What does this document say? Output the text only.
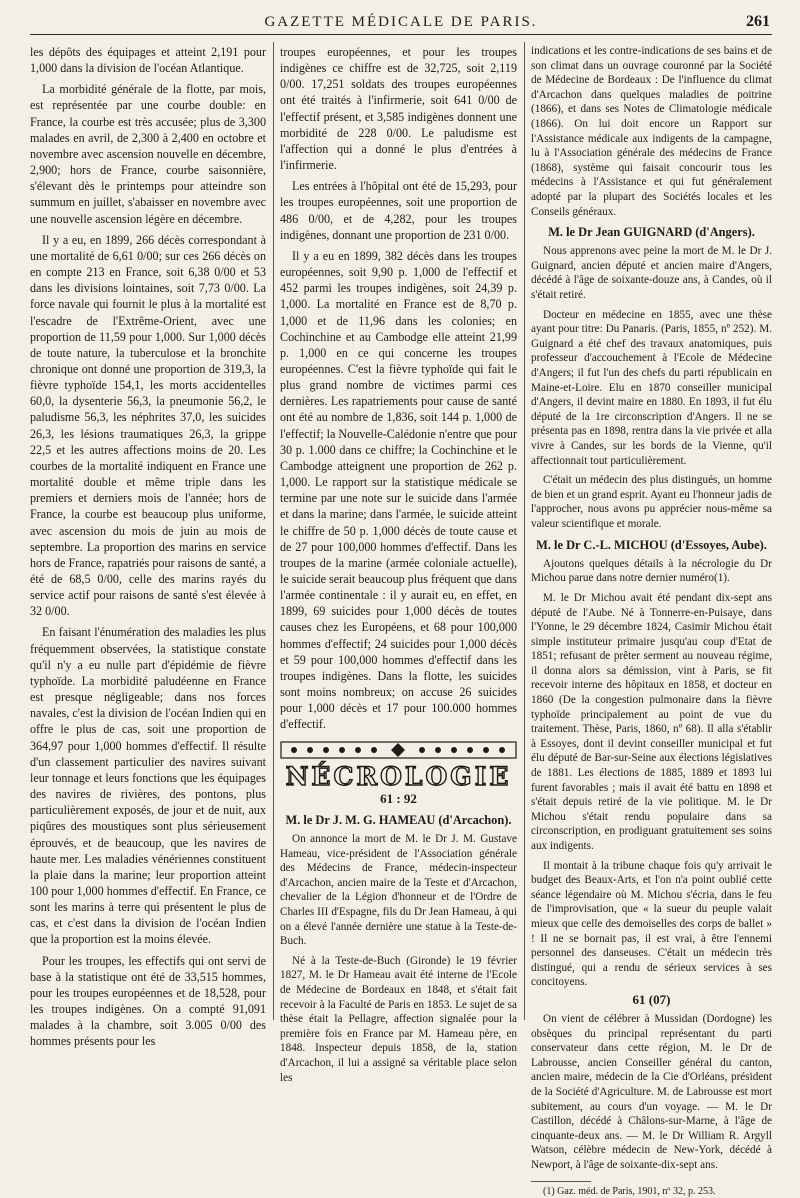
GAZETTE MÉDICALE DE PARIS.	261

les dépôts des équipages et atteint 2,191 pour 1,000 dans la division de l'océan Atlantique.

La morbidité générale de la flotte, par mois, est représentée par une courbe double: en France, la courbe est très accusée; plus de 3,300 malades en avril, de 2,300 à 2,400 en octobre et novembre avec ascension nouvelle en décembre, 2,900; hors de France, courbe saisonnière, s'élevant dès le printemps pour atteindre son summum en juillet, s'abaisser en novembre avec une nouvelle ascension légère en décembre.

Il y a eu, en 1899, 266 décès correspondant à une mortalité de 6,61 0/00; sur ces 266 décès on en compte 213 en France, soit 6,38 0/00 et 53 dans les divisions lointaines, soit 7,73 0/00. La force navale qui fournit le plus à la mortalité est l'escadre de l'Extrême-Orient, avec une proportion de 11,59 pour 1,000. Sur 1,000 décès de toute nature, la tuberculose et la bronchite chronique ont donné une proportion de 319,3, la fièvre typhoïde 154,1, les morts accidentelles 60,0, la dysenterie 56,3, la pneumonie 56,2, le paludisme 56,3, les néphrites 37,0, les suicides 26,3, les lésions traumatiques 26,3, la grippe 22,5 et les autres affections moins de 20. Les courbes de la mortalité indiquent en France une mortalité double et même triple dans les premiers et derniers mois de l'année; hors de France, la courbe est beaucoup plus uniforme, avec ascension du mois de juin au mois de septembre. La proportion des marins en service hors de France, rapatriés pour raisons de santé, a été de 68,5 0/00, celle des marins rayés du service actif pour raisons de santé s'est élevée à 32 0/00.

En faisant l'énumération des maladies les plus fréquemment observées, la statistique constate qu'il n'y a eu nulle part d'épidémie de fièvre typhoïde. La morbidité paludéenne en France est presque négligeable; dans nos forces navales, c'est la division de l'océan Indien qui en offre le plus de cas, soit une proportion de 364,97 pour 1,000 hommes d'effectif. Il résulte d'un classement particulier des navires suivant leur tonnage et leurs fonctions que les équipages des navires de rivières, des pontons, plus particulièrement exposés, de jour et de nuit, aux piqûres des moustiques sont plus sérieusement éprouvés, et de beaucoup, que les navires de haute mer. Les maladies vénériennes constituent la plaie dans la marine; leur proportion atteint 100 pour 1,000 hommes d'effectif. En France, ce sont les marins à terre qui présentent le plus de cas, et c'est dans la division de l'océan Indien que la proportion est la moins élevée.

Pour les troupes, les effectifs qui ont servi de base à la statistique ont été de 33,515 hommes, pour les troupes européennes et de 18,528, pour les troupes indigènes. On a compté 91,091 malades à la chambre, soit 3.005 0/00 des hommes présents pour les

troupes européennes, et pour les troupes indigènes ce chiffre est de 32,725, soit 2,119 0/00. 17,251 soldats des troupes européennes ont été traités à l'infirmerie, soit 641 0/00 de l'effectif présent, et 3,585 indigènes donnent une morbidité de 228 0/00. Le paludisme est l'affection qui a donné le plus d'entrées à l'infirmerie.

Les entrées à l'hôpital ont été de 15,293, pour les troupes européennes, soit une proportion de 486 0/00, et de 4,282, pour les troupes indigènes, donnant une proportion de 231 0/00.

Il y a eu en 1899, 382 décès dans les troupes européennes, soit 9,90 p. 1,000 de l'effectif et 452 parmi les troupes indigènes, soit 24,39 p. 1,000. La mortalité en France est de 8,70 p. 1,000 et de 11,96 dans les colonies; en Cochinchine et au Cambodge elle atteint 21,99 p. 1,000 en ce qui concerne les troupes européennes. C'est la fièvre typhoïde qui fait le plus grand nombre de victimes parmi ces dernières. Les rapatriements pour cause de santé ont été au nombre de 1,836, soit 144 p. 1,000 de l'effectif; la Nouvelle-Calédonie n'entre que pour 30 p. 1.000 dans ce chiffre; la Cochinchine et le Cambodge atteignent une proportion de 262 p. 1,000. Le rapport sur la statistique médicale se termine par une note sur le suicide dans l'armée et dans la marine; dans l'armée, le suicide atteint le chiffre de 50 p. 1,000 décès de toute cause et de 27 pour 100,000 hommes d'effectif. Dans les troupes de la marine (armée coloniale actuelle), le suicide serait beaucoup plus fréquent que dans l'armée continentale : il y aurait eu, en effet, en 1899, 69 suicides pour 1,000 décès de toutes causes chez les Européens, et 68 pour 100,000 hommes d'effectif; 24 suicides pour 1,000 décès et 59 pour 100,000 hommes d'effectif dans les troupes indigènes. Dans la flotte, les suicides sont moins nombreux; on accuse 26 suicides pour 1,000 décès et 17 pour 100.000 hommes d'effectif.

NÉCROLOGIE
61 : 92
M. le Dr J. M. G. HAMEAU (d'Arcachon).

On annonce la mort de M. le Dr J. M. Gustave Hameau, vice-président de l'Association générale des Médecins de France, médecin-inspecteur d'Arcachon, ancien maire de la Teste et d'Arcachon, chevalier de la Légion d'honneur et de l'Ordre de Charles III d'Espagne, fils du Dr Jean Hameau, à qui on a élevé l'année dernière une statue à la Teste-de-Buch.

Né à la Teste-de-Buch (Gironde) le 19 février 1827, M. le Dr Hameau avait été interne de l'Ecole de Médecine de Bordeaux en 1848, et s'était fait recevoir à la Faculté de Paris en 1853. Le sujet de sa thèse était la Pellagre, affection signalée pour la première fois en France par M. Hameau père, en 1848. Inspecteur depuis 1858, de la, station d'Arcachon, il lui a assigné sa véritable place selon les

indications et les contre-indications de ses bains et de son climat dans un ouvrage couronné par la Société de Médecine de Bordeaux : De l'influence du climat d'Arcachon dans quelques maladies de poitrine (1866), et dans ses Notes de Climatologie médicale (1866). On lui doit encore un Rapport sur l'Assistance médicale aux indigents de la campagne, lu à l'Association générale des médecins de France (1868), système qui faisait concourir tous les médecins à l'Assistance et qui fut généralement adopté par la plupart des Sociétés locales et les Conseils généraux.

M. le Dr Jean GUIGNARD (d'Angers).

Nous apprenons avec peine la mort de M. le Dr J. Guignard, ancien député et ancien maire d'Angers, décédé à l'âge de soixante-douze ans, à Candes, où il s'était retiré.

Docteur en médecine en 1855, avec une thèse ayant pour titre: Du Panaris. (Paris, 1855, nº 252). M. Guignard a été chef des travaux anatomiques, puis professeur d'accouchement à l'Ecole de Médecine d'Angers; il fut l'un des chefs du parti républicain en Maine-et-Loire. Elu en 1870 conseiller municipal d'Angers, il devint maire en 1880. En 1893, il fut élu député de la 1re circonscription d'Angers. Il ne se présenta pas en 1898, rentra dans la vie privée et alla vivre à Candes, sur les bords de la Vienne, qu'il affectionnait tout particulièrement.

C'était un médecin des plus distingués, un homme de bien et un grand esprit. Ayant eu l'honneur jadis de l'approcher, nous avons pu apprécier nous-même sa valeur scientifique et morale.

M. le Dr C.-L. MICHOU (d'Essoyes, Aube).

Ajoutons quelques détails à la nécrologie du Dr Michou parue dans notre dernier numéro(1).

M. le Dr Michou avait été pendant dix-sept ans député de l'Aube. Né à Tonnerre-en-Puisaye, dans l'Yonne, le 29 décembre 1824, Casimir Michou était simple instituteur primaire jusqu'au coup d'Etat de 1851; refusant de prêter serment au nouveau régime, il donna alors sa démission, vint à Paris, se fit recevoir interne des hôpitaux en 1858, et docteur en 1860 (De la congestion pulmonaire dans la fièvre typhoïde principalement au point de vue du traitement. Thèse, Paris, 1860, nº 68). Il alla s'établir à Essoyes, dont il devint conseiller municipal et fut élu député de Bar-sur-Seine aux élections législatives de 1881. Les élections de 1885, 1889 et 1893 lui furent favorables ; mais il avait été battu en 1898 et s'était depuis retiré de la vie politique. M. le Dr Michou s'était rendu populaire dans sa circonscription, en prodiguant gratuitement ses soins aux indigents.

Il montait à la tribune chaque fois qu'y arrivait le budget des Beaux-Arts, et l'on n'a point oublié cette séance légendaire où M. Michou s'écria, dans le feu de l'improvisation, que « la sueur du peuple valait mieux que celle des demoiselles des corps de ballet » ! Il ne se bornait pas, il est vrai, à être l'ennemi personnel des danseuses. C'était un médecin très distingué, qui a rendu de sérieux services à ses concitoyens.

61 (07)

On vient de célébrer à Mussidan (Dordogne) les obsèques du principal représentant du parti conservateur dans cette région, M. le Dr de Labrousse, ancien Conseiller général du canton, ancien maire, médecin de la Cie d'Orléans, président de la Société d'Agriculture. M. de Labrousse est mort subitement, au cours d'un voyage. — M. le Dr Castillon, décédé à Châlons-sur-Marne, à l'âge de cinquante-deux ans. — M. le Dr William R. Argyll Watson, célèbre médecin de New-York, décédé à Newport, à l'âge de soixante-dix-sept ans.

(1) Gaz. méd. de Paris, 1901, nº 32, p. 253.
